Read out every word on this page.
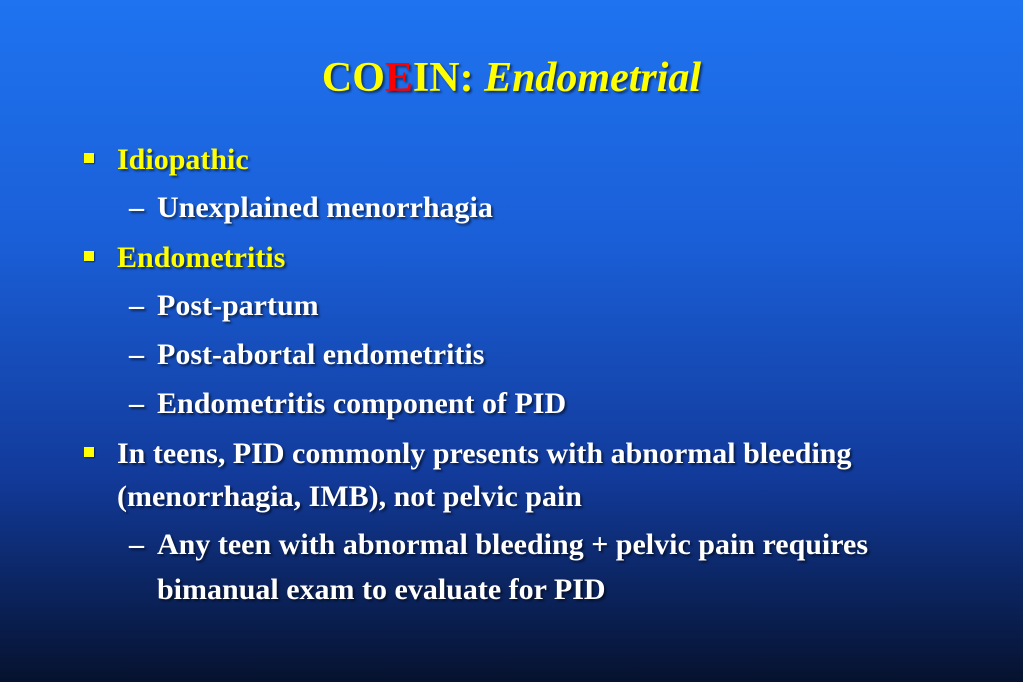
COEIN: Endometrial
Idiopathic
– Unexplained menorrhagia
Endometritis
– Post-partum
– Post-abortal endometritis
– Endometritis component of PID
In teens, PID commonly presents with abnormal bleeding (menorrhagia, IMB), not pelvic pain
– Any teen with abnormal bleeding + pelvic pain requires bimanual exam to evaluate for PID
